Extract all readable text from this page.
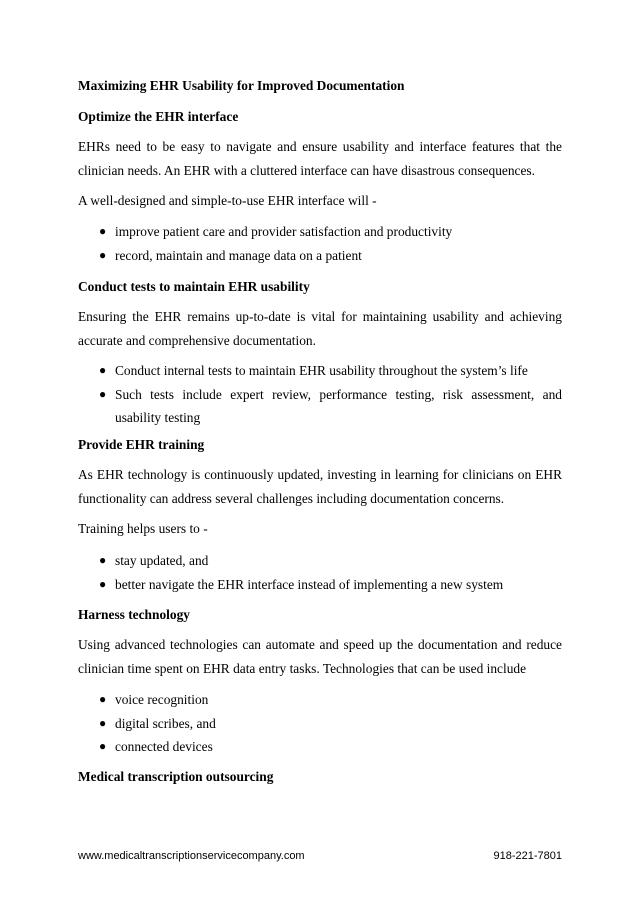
Maximizing EHR Usability for Improved Documentation
Optimize the EHR interface
EHRs need to be easy to navigate and ensure usability and interface features that the clinician needs. An EHR with a cluttered interface can have disastrous consequences.
A well-designed and simple-to-use EHR interface will -
● improve patient care and provider satisfaction and productivity
● record, maintain and manage data on a patient
Conduct tests to maintain EHR usability
Ensuring the EHR remains up-to-date is vital for maintaining usability and achieving accurate and comprehensive documentation.
● Conduct internal tests to maintain EHR usability throughout the system’s life
● Such tests include expert review, performance testing, risk assessment, and usability testing
Provide EHR training
As EHR technology is continuously updated, investing in learning for clinicians on EHR functionality can address several challenges including documentation concerns.
Training helps users to -
● stay updated, and
● better navigate the EHR interface instead of implementing a new system
Harness technology
Using advanced technologies can automate and speed up the documentation and reduce clinician time spent on EHR data entry tasks. Technologies that can be used include
● voice recognition
● digital scribes, and
● connected devices
Medical transcription outsourcing
www.medicaltranscriptionservicecompany.com	918-221-7801
